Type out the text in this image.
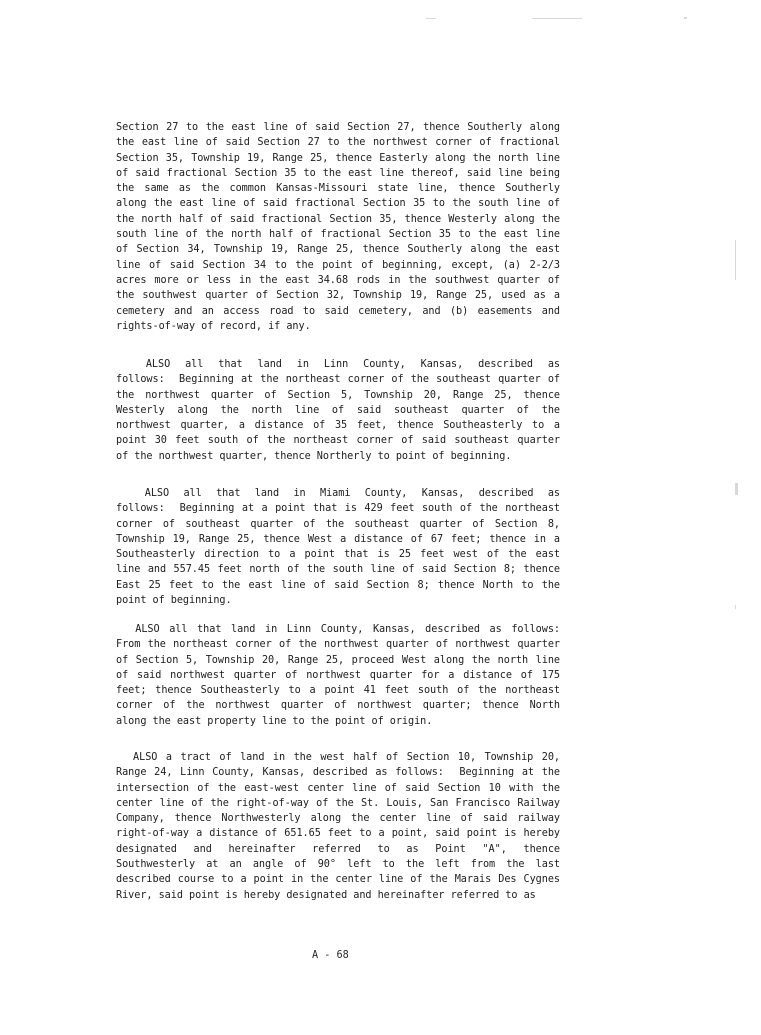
Section 27 to the east line of said Section 27, thence Southerly along
the east line of said Section 27 to the northwest corner of fractional
Section 35, Township 19, Range 25, thence Easterly along the north line
of said fractional Section 35 to the east line thereof, said line being
the same as the common Kansas-Missouri state line, thence Southerly
along the east line of said fractional Section 35 to the south line of
the north half of said fractional Section 35, thence Westerly along the
south line of the north half of fractional Section 35 to the east line
of Section 34, Township 19, Range 25, thence Southerly along the east
line of said Section 34 to the point of beginning, except, (a) 2-2/3
acres more or less in the east 34.68 rods in the southwest quarter of
the southwest quarter of Section 32, Township 19, Range 25, used as a
cemetery and an access road to said cemetery, and (b) easements and
rights-of-way of record, if any.
ALSO all that land in Linn County, Kansas, described as
follows:  Beginning at the northeast corner of the southeast quarter of
the northwest quarter of Section 5, Township 20, Range 25, thence
Westerly along the north line of said southeast quarter of the
northwest quarter, a distance of 35 feet, thence Southeasterly to a
point 30 feet south of the northeast corner of said southeast quarter
of the northwest quarter, thence Northerly to point of beginning.
ALSO all that land in Miami County, Kansas, described as
follows:  Beginning at a point that is 429 feet south of the northeast
corner of southeast quarter of the southeast quarter of Section 8,
Township 19, Range 25, thence West a distance of 67 feet; thence in a
Southeasterly direction to a point that is 25 feet west of the east
line and 557.45 feet north of the south line of said Section 8; thence
East 25 feet to the east line of said Section 8; thence North to the
point of beginning.
ALSO all that land in Linn County, Kansas, described as follows:
From the northeast corner of the northwest quarter of northwest quarter
of Section 5, Township 20, Range 25, proceed West along the north line
of said northwest quarter of northwest quarter for a distance of 175
feet; thence Southeasterly to a point 41 feet south of the northeast
corner of the northwest quarter of northwest quarter; thence North
along the east property line to the point of origin.
ALSO a tract of land in the west half of Section 10, Township 20,
Range 24, Linn County, Kansas, described as follows:  Beginning at the
intersection of the east-west center line of said Section 10 with the
center line of the right-of-way of the St. Louis, San Francisco Railway
Company, thence Northwesterly along the center line of said railway
right-of-way a distance of 651.65 feet to a point, said point is hereby
designated and hereinafter referred to as Point "A", thence
Southwesterly at an angle of 90° left to the left from the last
described course to a point in the center line of the Marais Des Cygnes
River, said point is hereby designated and hereinafter referred to as
A - 68
